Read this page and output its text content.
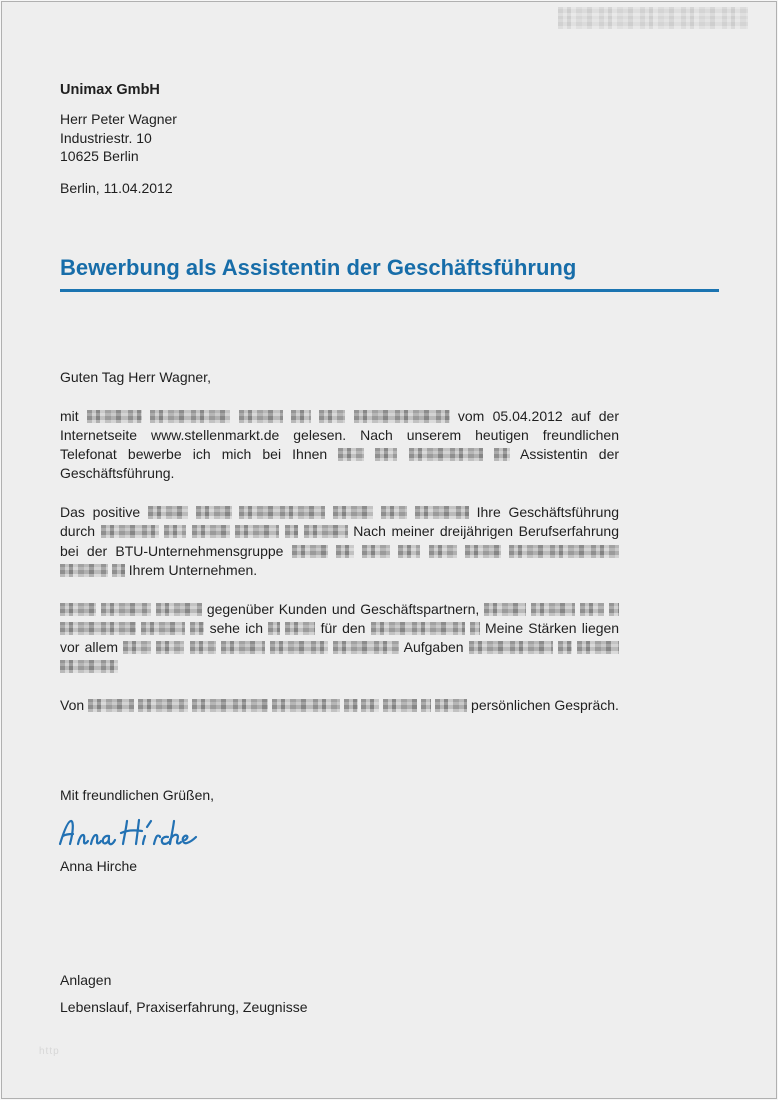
Unimax GmbH
Herr Peter Wagner
Industriestr. 10
10625 Berlin
Berlin, 11.04.2012
Bewerbung als Assistentin der Geschäftsführung

Guten Tag Herr Wagner,

mit	vom 05.04.2012 auf der Internetseite www.stellenmarkt.de gelesen. Nach unserem heutigen freundlichen Telefonat bewerbe ich mich bei Ihnen	Assistentin der Geschäftsführung.

Das positive	Ihre Geschäftsführung durch	Nach meiner dreijährigen Berufserfahrung bei der BTU-Unternehmensgruppe          Ihrem Unternehmen.

gegenüber Kunden und Geschäftspartnern,        sehe ich	für den	Meine Stärken liegen vor allem	Aufgaben

Von	persönlichen Gespräch.

Mit freundlichen Grüßen,
Anna Hirche
Anlagen
Lebenslauf, Praxiserfahrung, Zeugnisse
http
